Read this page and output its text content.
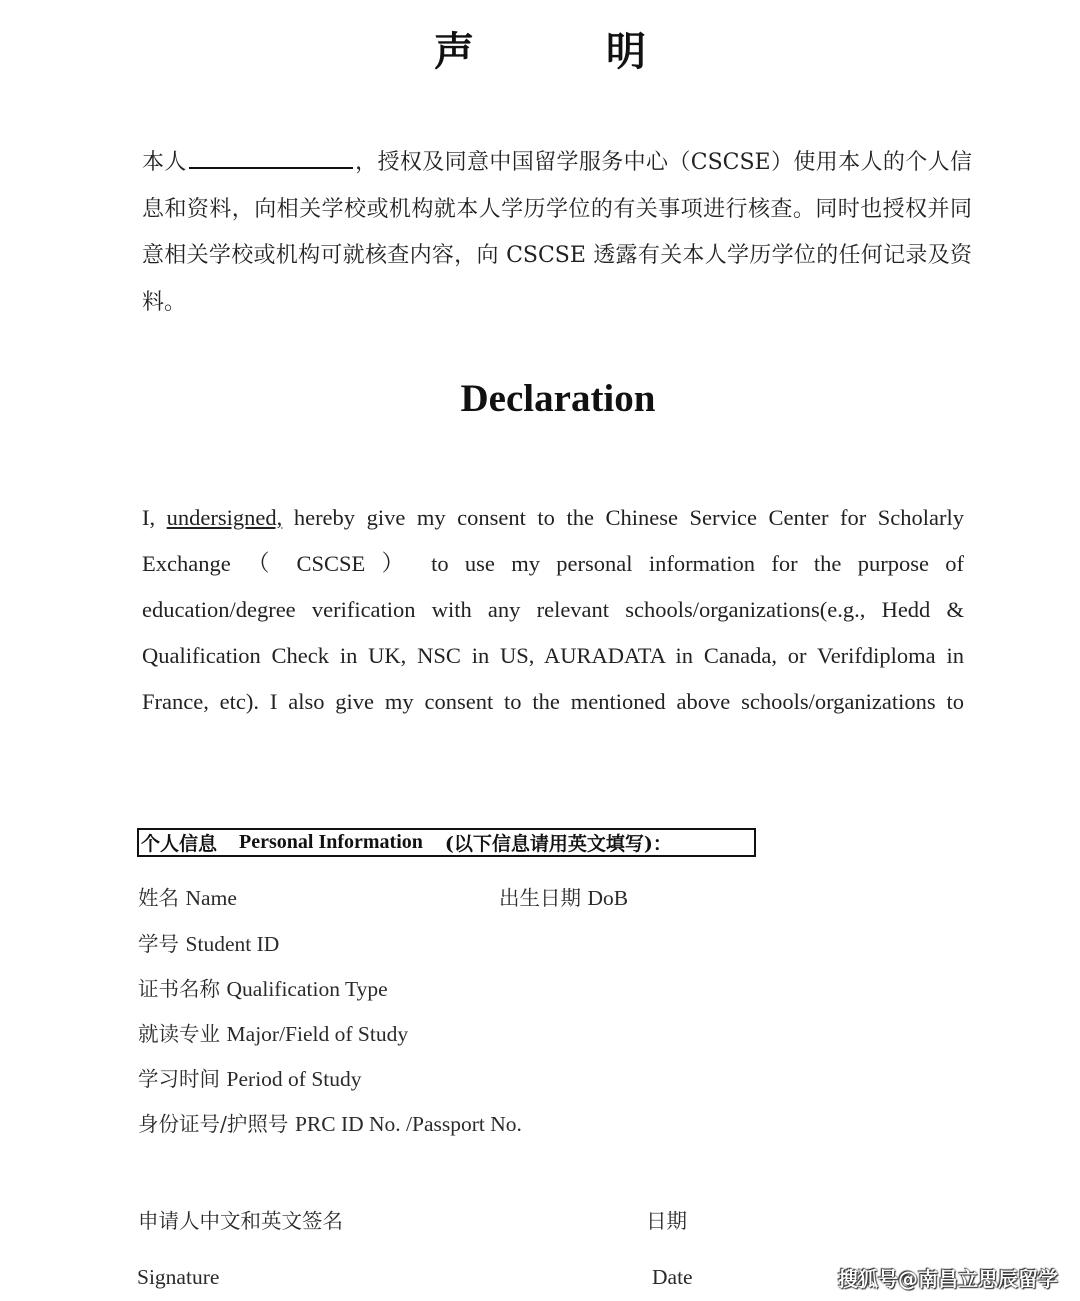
声　明
本人	，授权及同意中国留学服务中心（CSCSE）使用本人的个人信息和资料，向相关学校或机构就本人学历学位的有关事项进行核查。同时也授权并同意相关学校或机构可就核查内容，向 CSCSE 透露有关本人学历学位的任何记录及资料。
Declaration
I, undersigned, hereby give my consent to the Chinese Service Center for Scholarly Exchange （ CSCSE ） to use my personal information for the purpose of education/degree verification with any relevant schools/organizations(e.g., Hedd & Qualification Check in UK, NSC in US, AURADATA in Canada, or Verifdiploma in France, etc). I also give my consent to the mentioned above schools/organizations to
个人信息 Personal Information (以下信息请用英文填写)：
姓名 Name	出生日期 DoB
学号 Student ID
证书名称 Qualification Type
就读专业 Major/Field of Study
学习时间 Period of Study
身份证号/护照号 PRC ID No. /Passport No.
申请人中文和英文签名	日期
Signature	Date	搜狐号@南昌立思辰留学
